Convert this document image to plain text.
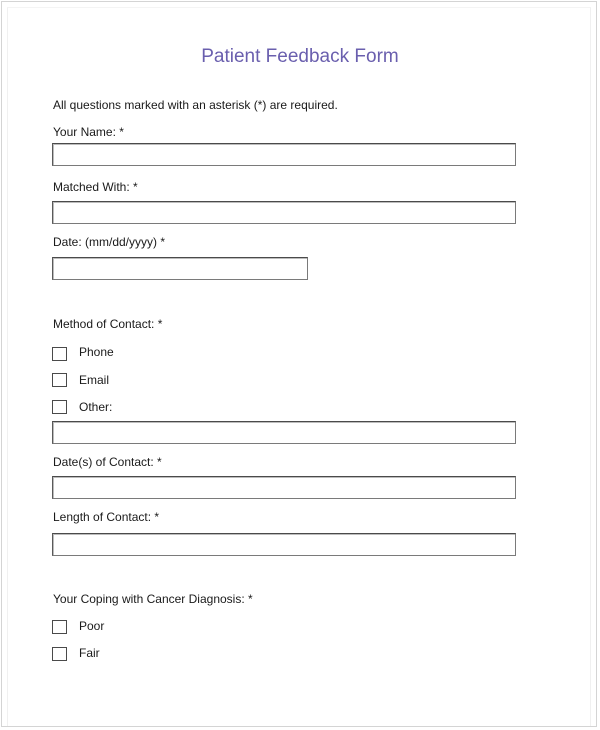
Patient Feedback Form
All questions marked with an asterisk (*) are required.
Your Name: *
Matched With: *
Date: (mm/dd/yyyy) *
Method of Contact: *
Phone
Email
Other:
Date(s) of Contact: *
Length of Contact: *
Your Coping with Cancer Diagnosis: *
Poor
Fair
